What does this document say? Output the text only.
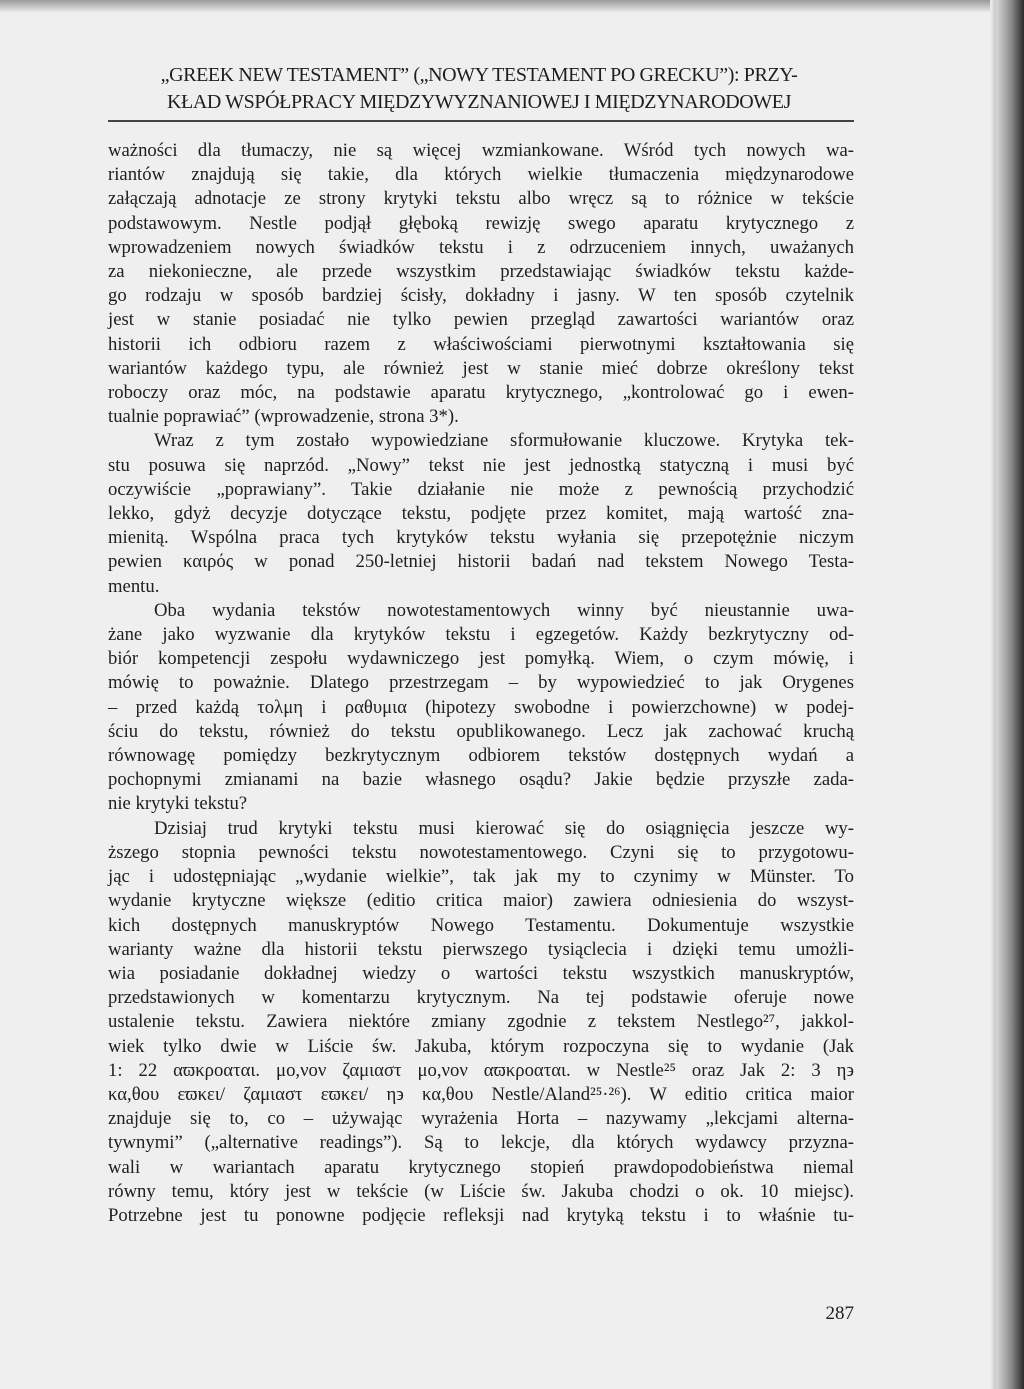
„GREEK NEW TESTAMENT” („NOWY TESTAMENT PO GRECKU”): PRZY-
KŁAD WSPÓŁPRACY MIĘDZYWYZNANIOWEJ I MIĘDZYNARODOWEJ

ważności dla tłumaczy, nie są więcej wzmiankowane. Wśród tych nowych wa-

riantów znajdują się takie, dla których wielkie tłumaczenia międzynarodowe

załączają adnotacje ze strony krytyki tekstu albo wręcz są to różnice w tekście

podstawowym. Nestle podjął głęboką rewizję swego aparatu krytycznego z

wprowadzeniem nowych świadków tekstu i z odrzuceniem innych, uważanych

za niekonieczne, ale przede wszystkim przedstawiając świadków tekstu każde-

go rodzaju w sposób bardziej ścisły, dokładny i jasny. W ten sposób czytelnik

jest w stanie posiadać nie tylko pewien przegląd zawartości wariantów oraz

historii ich odbioru razem z właściwościami pierwotnymi kształtowania się

wariantów każdego typu, ale również jest w stanie mieć dobrze określony tekst

roboczy oraz móc, na podstawie aparatu krytycznego, „kontrolować go i ewen-

tualnie poprawiać” (wprowadzenie, strona 3*).

Wraz z tym zostało wypowiedziane sformułowanie kluczowe. Krytyka tek-

stu posuwa się naprzód. „Nowy” tekst nie jest jednostką statyczną i musi być

oczywiście „poprawiany”. Takie działanie nie może z pewnością przychodzić

lekko, gdyż decyzje dotyczące tekstu, podjęte przez komitet, mają wartość zna-

mienitą. Wspólna praca tych krytyków tekstu wyłania się przepotężnie niczym

pewien καιρός w ponad 250-letniej historii badań nad tekstem Nowego Testa-

mentu.

Oba wydania tekstów nowotestamentowych winny być nieustannie uwa-

żane jako wyzwanie dla krytyków tekstu i egzegetów. Każdy bezkrytyczny od-

biór kompetencji zespołu wydawniczego jest pomyłką. Wiem, o czym mówię, i

mówię to poważnie. Dlatego przestrzegam – by wypowiedzieć to jak Orygenes

– przed każdą τολμη i ραθυμια (hipotezy swobodne i powierzchowne) w podej-

ściu do tekstu, również do tekstu opublikowanego. Lecz jak zachować kruchą

równowagę pomiędzy bezkrytycznym odbiorem tekstów dostępnych wydań a

pochopnymi zmianami na bazie własnego osądu? Jakie będzie przyszłe zada-

nie krytyki tekstu?

Dzisiaj trud krytyki tekstu musi kierować się do osiągnięcia jeszcze wy-

ższego stopnia pewności tekstu nowotestamentowego. Czyni się to przygotowu-

jąc i udostępniając „wydanie wielkie”, tak jak my to czynimy w Münster. To

wydanie krytyczne większe (editio critica maior) zawiera odniesienia do wszyst-

kich dostępnych manuskryptów Nowego Testamentu. Dokumentuje wszystkie

warianty ważne dla historii tekstu pierwszego tysiąclecia i dzięki temu umożli-

wia posiadanie dokładnej wiedzy o wartości tekstu wszystkich manuskryptów,

przedstawionych w komentarzu krytycznym. Na tej podstawie oferuje nowe

ustalenie tekstu. Zawiera niektóre zmiany zgodnie z tekstem Nestlego²⁷, jakkol-

wiek tylko dwie w Liście św. Jakuba, którym rozpoczyna się to wydanie (Jak

1: 22 αϖκροαται. μο,νον ζαμιαστ μο,νον αϖκροαται. w Nestle²⁵ oraz Jak 2: 3 η϶

κα,θου εϖκει/ ζαμιαστ εϖκει/ η϶ κα,θου Nestle/Aland²⁵·²⁶). W editio critica maior

znajduje się to, co – używając wyrażenia Horta – nazywamy „lekcjami alterna-

tywnymi” („alternative readings”). Są to lekcje, dla których wydawcy przyzna-

wali w wariantach aparatu krytycznego stopień prawdopodobieństwa niemal

równy temu, który jest w tekście (w Liście św. Jakuba chodzi o ok. 10 miejsc).

Potrzebne jest tu ponowne podjęcie refleksji nad krytyką tekstu i to właśnie tu-

287
